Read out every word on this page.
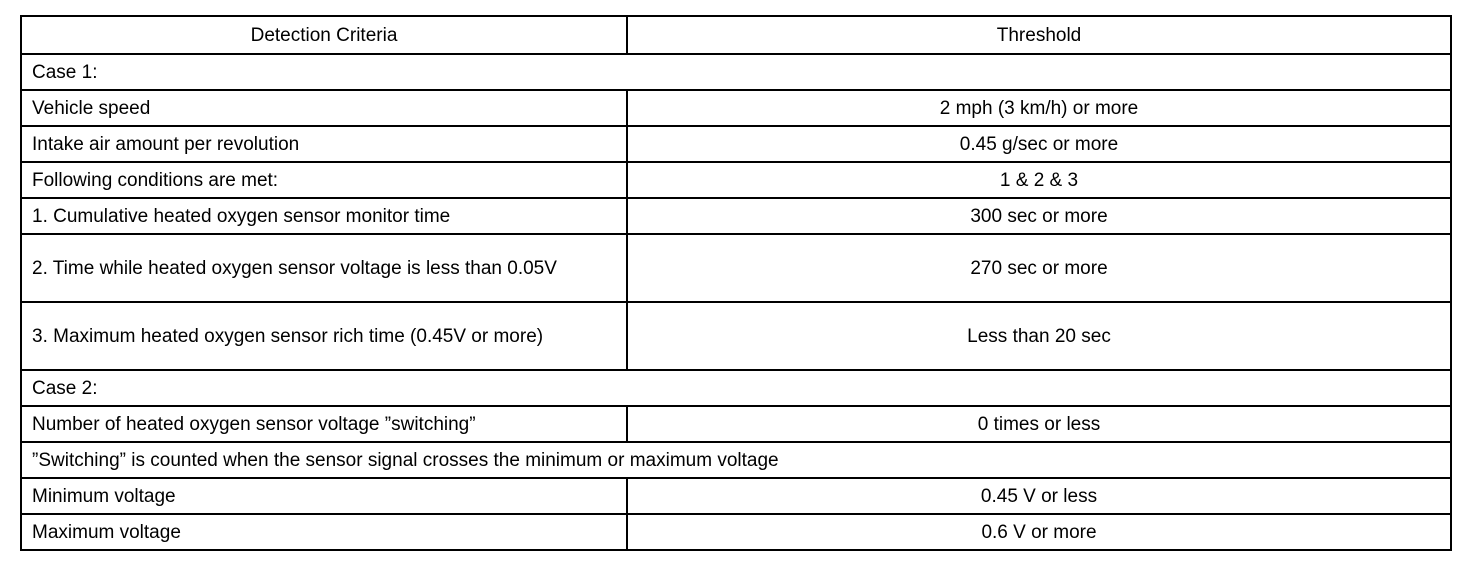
Detection Criteria	Threshold
Case 1:	
Vehicle speed	2 mph (3 km/h) or more
Intake air amount per revolution	0.45 g/sec or more
Following conditions are met:	1 & 2 & 3
1. Cumulative heated oxygen sensor monitor time	300 sec or more
2. Time while heated oxygen sensor voltage is less than 0.05V	270 sec or more
3. Maximum heated oxygen sensor rich time (0.45V or more)	Less than 20 sec
Case 2:	
Number of heated oxygen sensor voltage ”switching”	0 times or less
”Switching” is counted when the sensor signal crosses the minimum or maximum voltage	
Minimum voltage	0.45 V or less
Maximum voltage	0.6 V or more
